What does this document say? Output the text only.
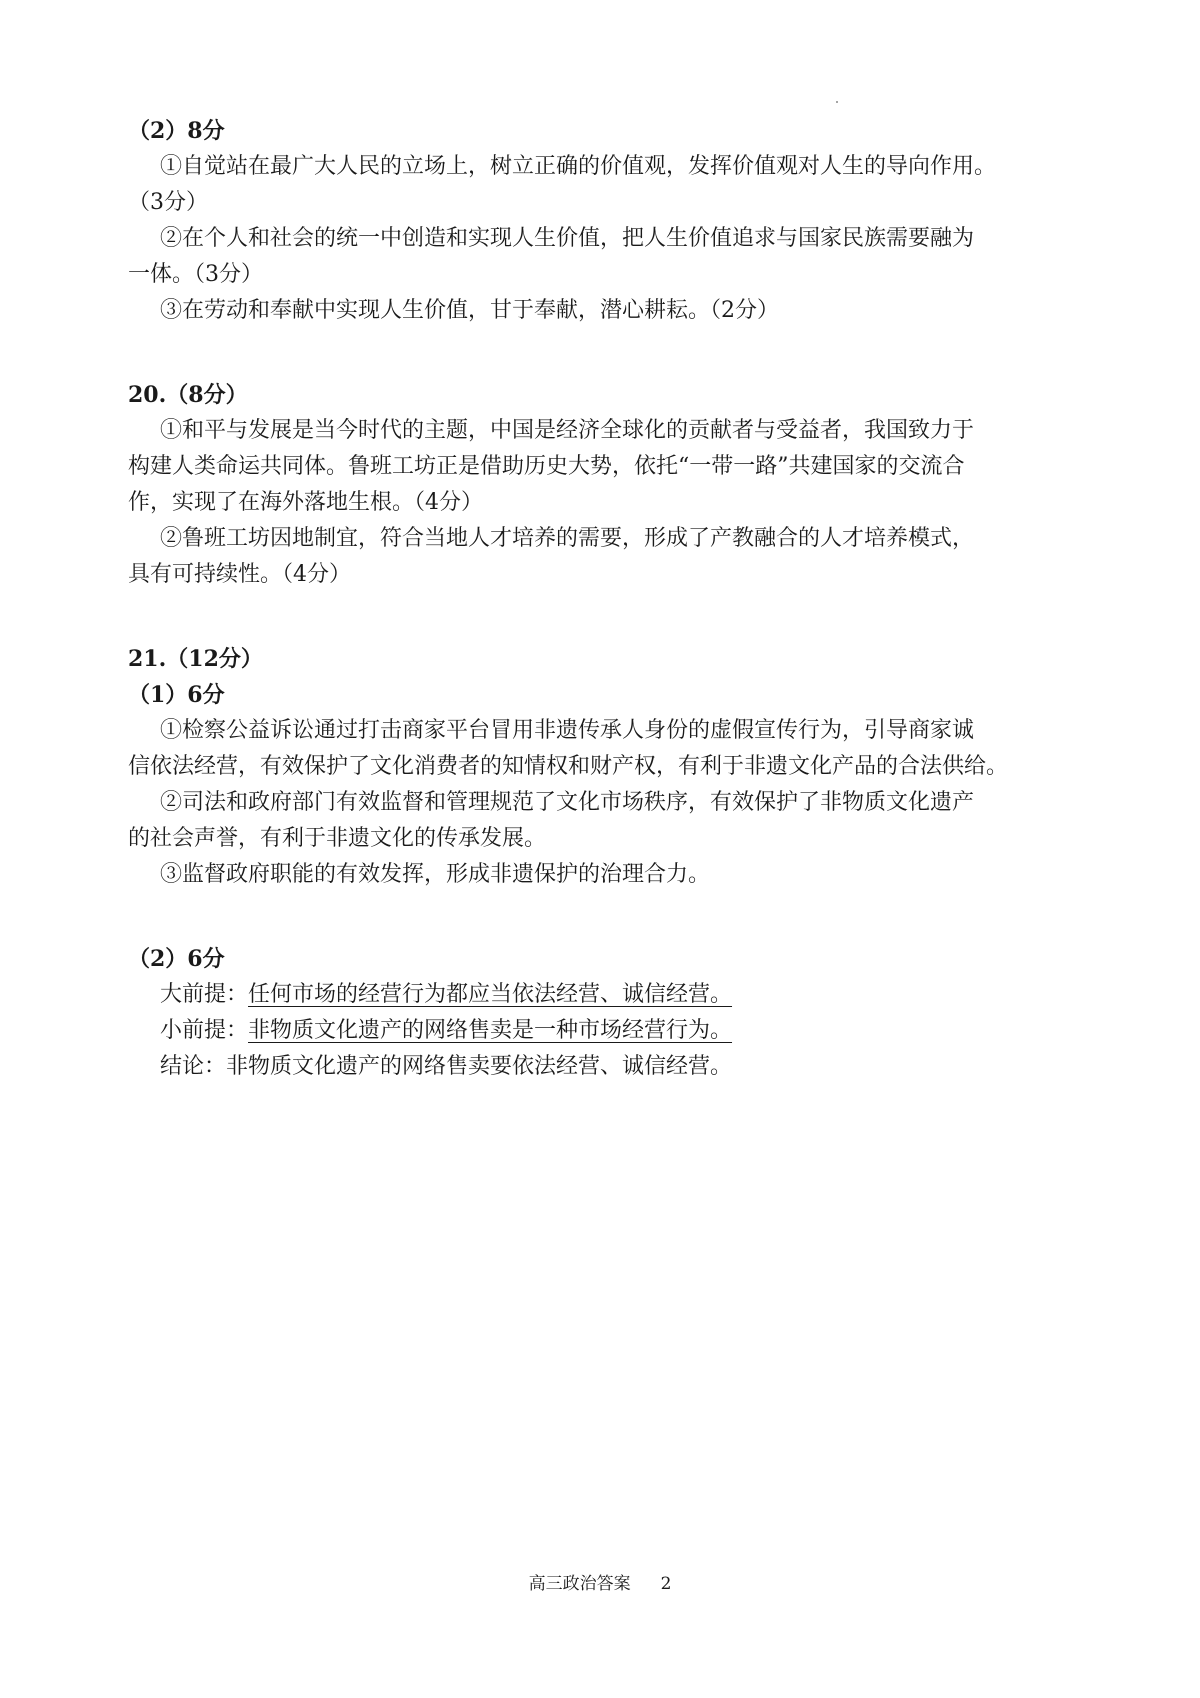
（2）8分
①自觉站在最广大人民的立场上，树立正确的价值观，发挥价值观对人生的导向作用。
（3分）
②在个人和社会的统一中创造和实现人生价值，把人生价值追求与国家民族需要融为
一体。（3分）
③在劳动和奉献中实现人生价值，甘于奉献，潜心耕耘。（2分）
20.（8分）
①和平与发展是当今时代的主题，中国是经济全球化的贡献者与受益者，我国致力于
构建人类命运共同体。鲁班工坊正是借助历史大势，依托“一带一路”共建国家的交流合
作，实现了在海外落地生根。（4分）
②鲁班工坊因地制宜，符合当地人才培养的需要，形成了产教融合的人才培养模式，
具有可持续性。（4分）
21.（12分）
（1）6分
①检察公益诉讼通过打击商家平台冒用非遗传承人身份的虚假宣传行为，引导商家诚
信依法经营，有效保护了文化消费者的知情权和财产权，有利于非遗文化产品的合法供给。
②司法和政府部门有效监督和管理规范了文化市场秩序，有效保护了非物质文化遗产
的社会声誉，有利于非遗文化的传承发展。
③监督政府职能的有效发挥，形成非遗保护的治理合力。
（2）6分
大前提：任何市场的经营行为都应当依法经营、诚信经营。
小前提：非物质文化遗产的网络售卖是一种市场经营行为。
结论：非物质文化遗产的网络售卖要依法经营、诚信经营。
高三政治答案 2
